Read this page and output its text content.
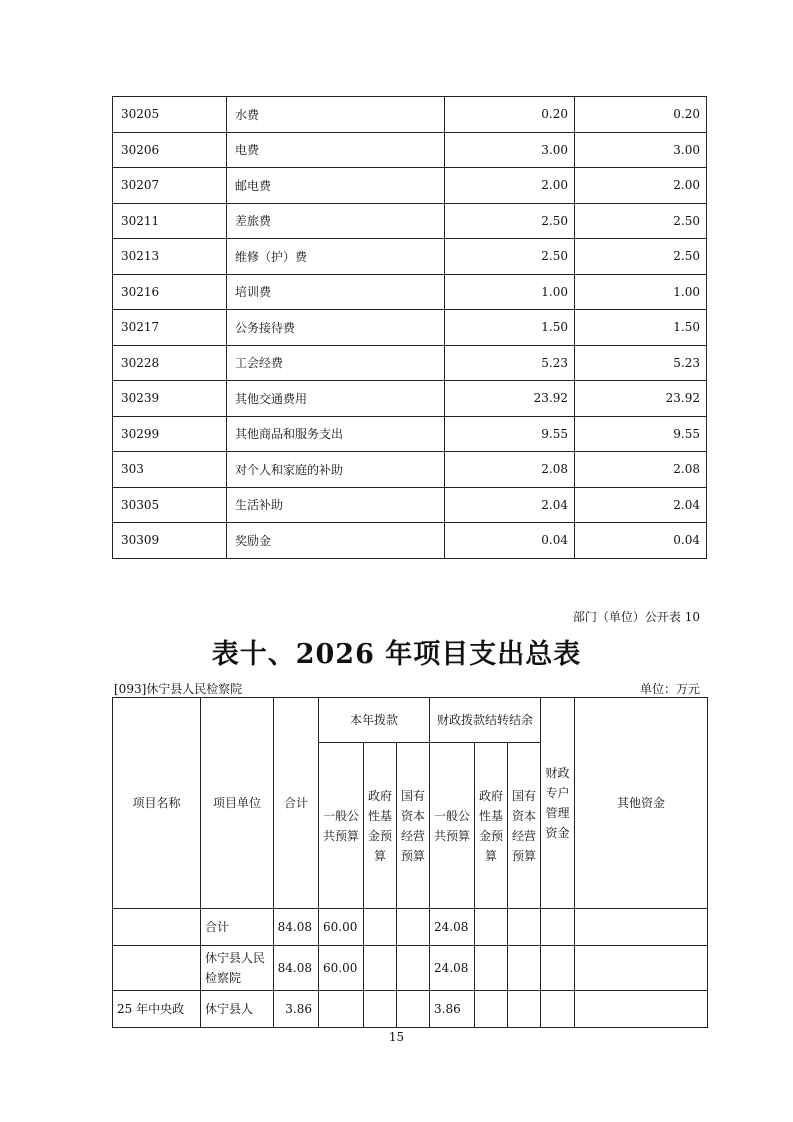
30205	水费	0.20	0.20
30206	电费	3.00	3.00
30207	邮电费	2.00	2.00
30211	差旅费	2.50	2.50
30213	维修（护）费	2.50	2.50
30216	培训费	1.00	1.00
30217	公务接待费	1.50	1.50
30228	工会经费	5.23	5.23
30239	其他交通费用	23.92	23.92
30299	其他商品和服务支出	9.55	9.55
303	对个人和家庭的补助	2.08	2.08
30305	生活补助	2.04	2.04
30309	奖励金	0.04	0.04
部门（单位）公开表 10
表十、2026 年项目支出总表
[093]休宁县人民检察院	单位：万元
项目名称	项目单位	合计	本年拨款			财政拨款结转结余			财政专户管理资金	其他资金
			一般公共预算	政府性基金预算	国有资本经营预算	一般公共预算	政府性基金预算	国有资本经营预算		
	合计	84.08	60.00			24.08				
	休宁县人民检察院	84.08	60.00			24.08				
25 年中央政	休宁县人	3.86				3.86				
15
